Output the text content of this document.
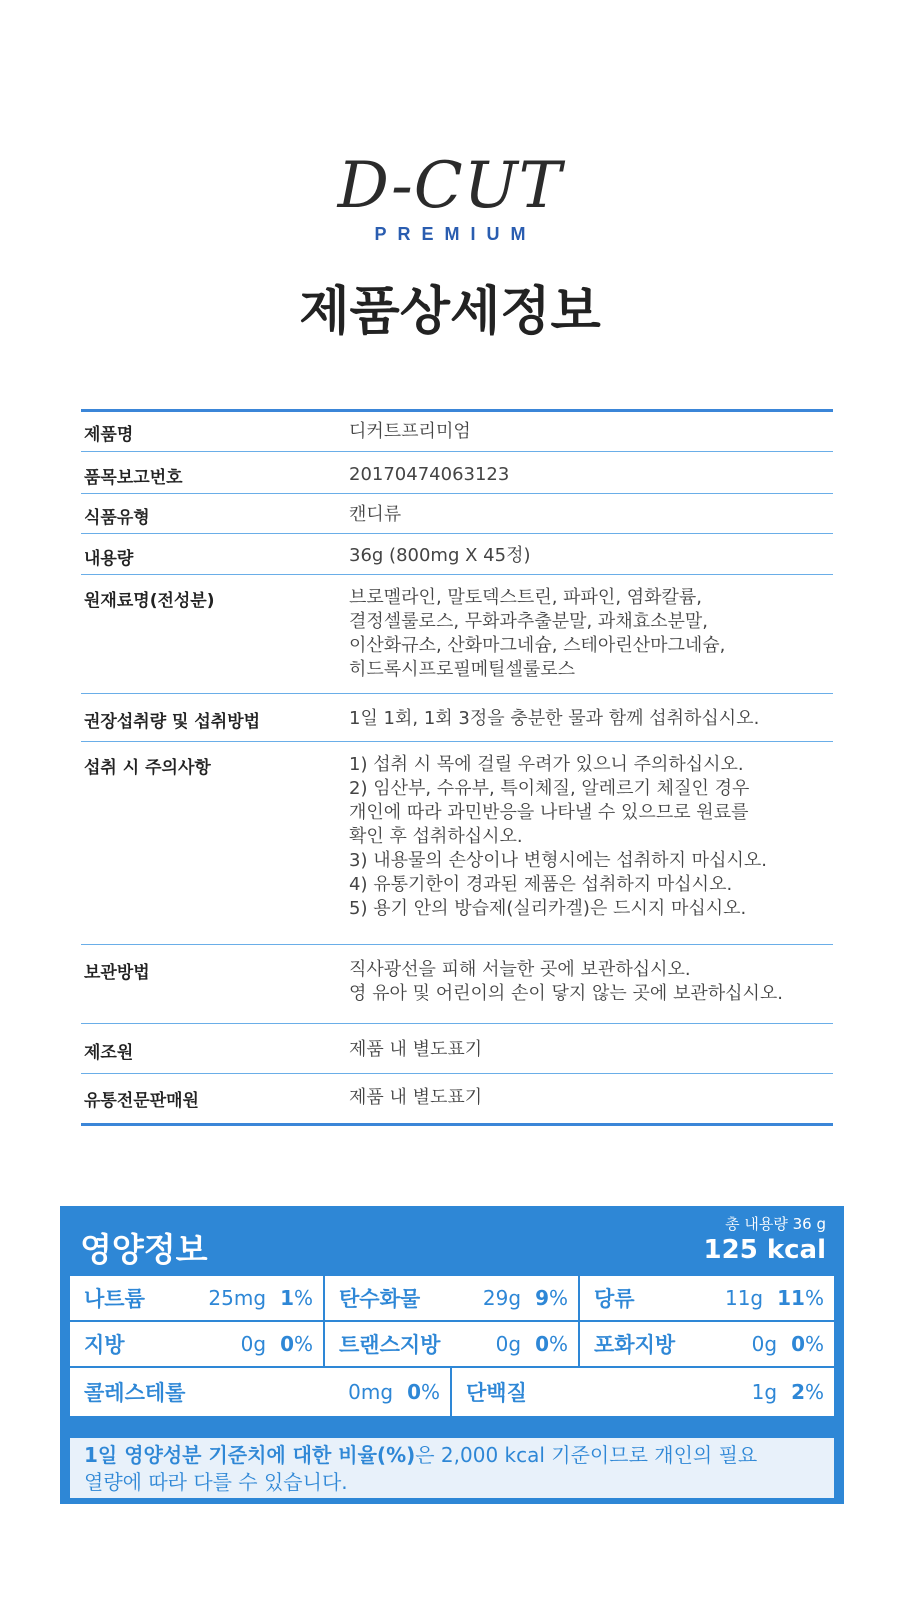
D-CUT
PREMIUM
제품상세정보
제품명	디커트프리미엄
품목보고번호	20170474063123
식품유형	캔디류
내용량	36g (800mg X 45정)
원재료명(전성분)	브로멜라인, 말토덱스트린, 파파인, 염화칼륨,
결정셀룰로스, 무화과추출분말, 과채효소분말,
이산화규소, 산화마그네슘, 스테아린산마그네슘,
히드록시프로필메틸셀룰로스
권장섭취량 및 섭취방법	1일 1회, 1회 3정을 충분한 물과 함께 섭취하십시오.
섭취 시 주의사항	1) 섭취 시 목에 걸릴 우려가 있으니 주의하십시오.
2) 임산부, 수유부, 특이체질, 알레르기 체질인 경우
개인에 따라 과민반응을 나타낼 수 있으므로 원료를
확인 후 섭취하십시오.
3) 내용물의 손상이나 변형시에는 섭취하지 마십시오.
4) 유통기한이 경과된 제품은 섭취하지 마십시오.
5) 용기 안의 방습제(실리카겔)은 드시지 마십시오.
보관방법	직사광선을 피해 서늘한 곳에 보관하십시오.
영 유아 및 어린이의 손이 닿지 않는 곳에 보관하십시오.
제조원	제품 내 별도표기
유통전문판매원	제품 내 별도표기
영양정보
총 내용량 36 g
125 kcal
나트륨	25mg 1% 탄수화물	29g 9% 당류	11g 11%
지방	0g 0% 트랜스지방	0g 0% 포화지방	0g 0%
콜레스테롤	0mg 0% 단백질	1g 2%
1일 영양성분 기준치에 대한 비율(%)은 2,000 kcal 기준이므로 개인의 필요
열량에 따라 다를 수 있습니다.
